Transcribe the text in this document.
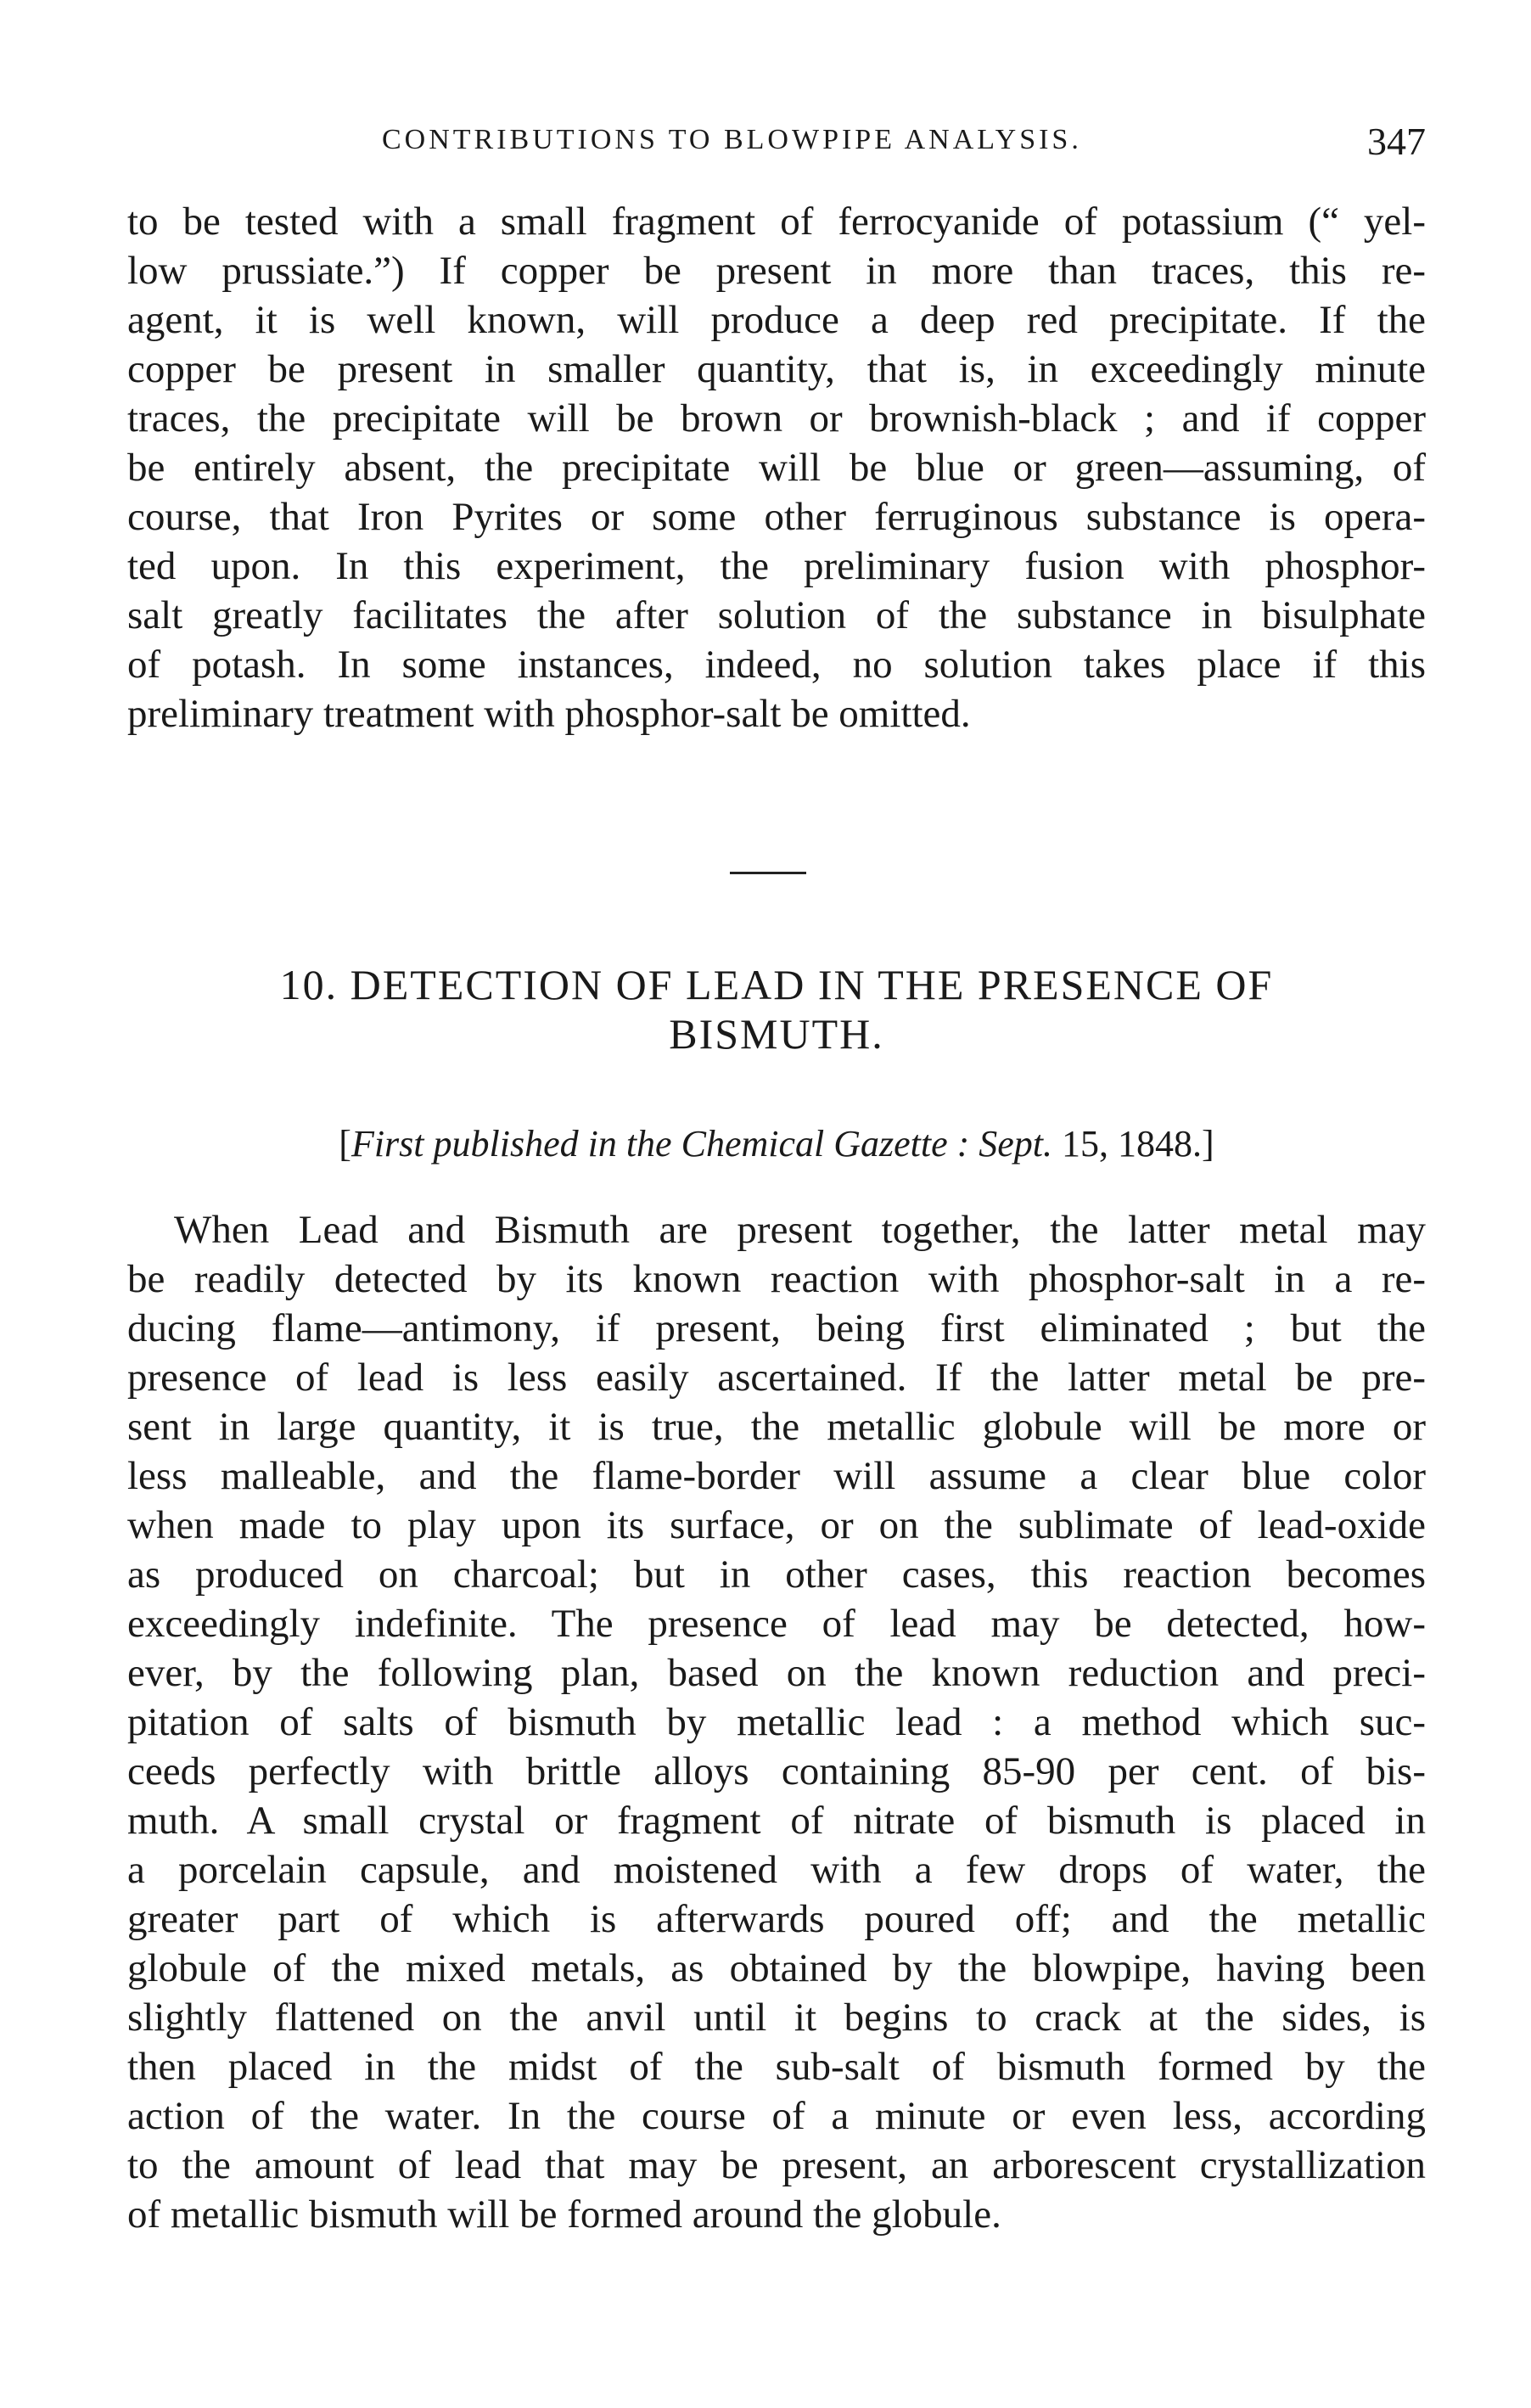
CONTRIBUTIONS TO BLOWPIPE ANALYSIS.	347
to be tested with a small fragment of ferrocyanide of potassium (“ yel-
low prussiate.”) If copper be present in more than traces, this re-
agent, it is well known, will produce a deep red precipitate. If the
copper be present in smaller quantity, that is, in exceedingly minute
traces, the precipitate will be brown or brownish-black ; and if copper
be entirely absent, the precipitate will be blue or green—assuming, of
course, that Iron Pyrites or some other ferruginous substance is opera-
ted upon. In this experiment, the preliminary fusion with phosphor-
salt greatly facilitates the after solution of the substance in bisulphate
of potash. In some instances, indeed, no solution takes place if this
preliminary treatment with phosphor-salt be omitted.
10. DETECTION OF LEAD IN THE PRESENCE OF
BISMUTH.
[First published in the Chemical Gazette : Sept. 15, 1848.]
When Lead and Bismuth are present together, the latter metal may
be readily detected by its known reaction with phosphor-salt in a re-
ducing flame—antimony, if present, being first eliminated ; but the
presence of lead is less easily ascertained. If the latter metal be pre-
sent in large quantity, it is true, the metallic globule will be more or
less malleable, and the flame-border will assume a clear blue color
when made to play upon its surface, or on the sublimate of lead-oxide
as produced on charcoal; but in other cases, this reaction becomes
exceedingly indefinite. The presence of lead may be detected, how-
ever, by the following plan, based on the known reduction and preci-
pitation of salts of bismuth by metallic lead : a method which suc-
ceeds perfectly with brittle alloys containing 85-90 per cent. of bis-
muth. A small crystal or fragment of nitrate of bismuth is placed in
a porcelain capsule, and moistened with a few drops of water, the
greater part of which is afterwards poured off; and the metallic
globule of the mixed metals, as obtained by the blowpipe, having been
slightly flattened on the anvil until it begins to crack at the sides, is
then placed in the midst of the sub-salt of bismuth formed by the
action of the water. In the course of a minute or even less, according
to the amount of lead that may be present, an arborescent crystallization
of metallic bismuth will be formed around the globule.
